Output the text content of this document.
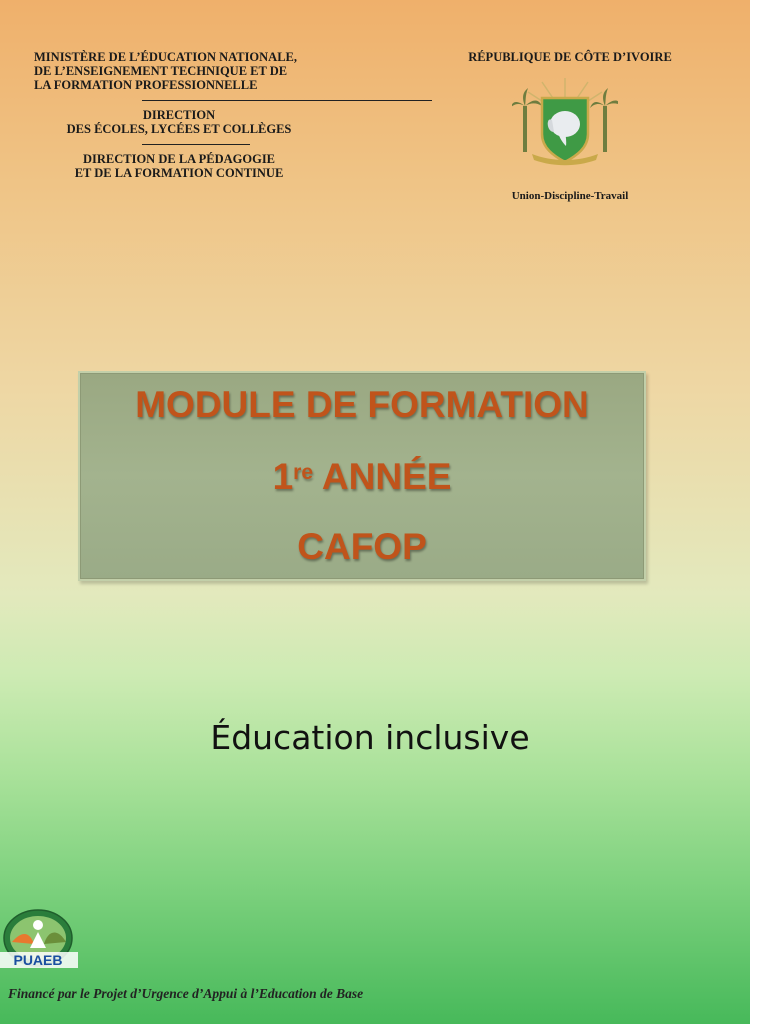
MINISTÈRE DE L’ÉDUCATION NATIONALE,
DE L’ENSEIGNEMENT TECHNIQUE ET DE
LA FORMATION PROFESSIONNELLE
DIRECTION
DES ÉCOLES, LYCÉES ET COLLÈGES
DIRECTION DE LA PÉDAGOGIE
ET DE LA FORMATION CONTINUE
RÉPUBLIQUE DE CÔTE D’IVOIRE
Union-Discipline-Travail
MODULE DE FORMATION
1re ANNÉE
CAFOP
Éducation inclusive
PUAEB
Financé par le Projet d’Urgence d’Appui à l’Education de Base
